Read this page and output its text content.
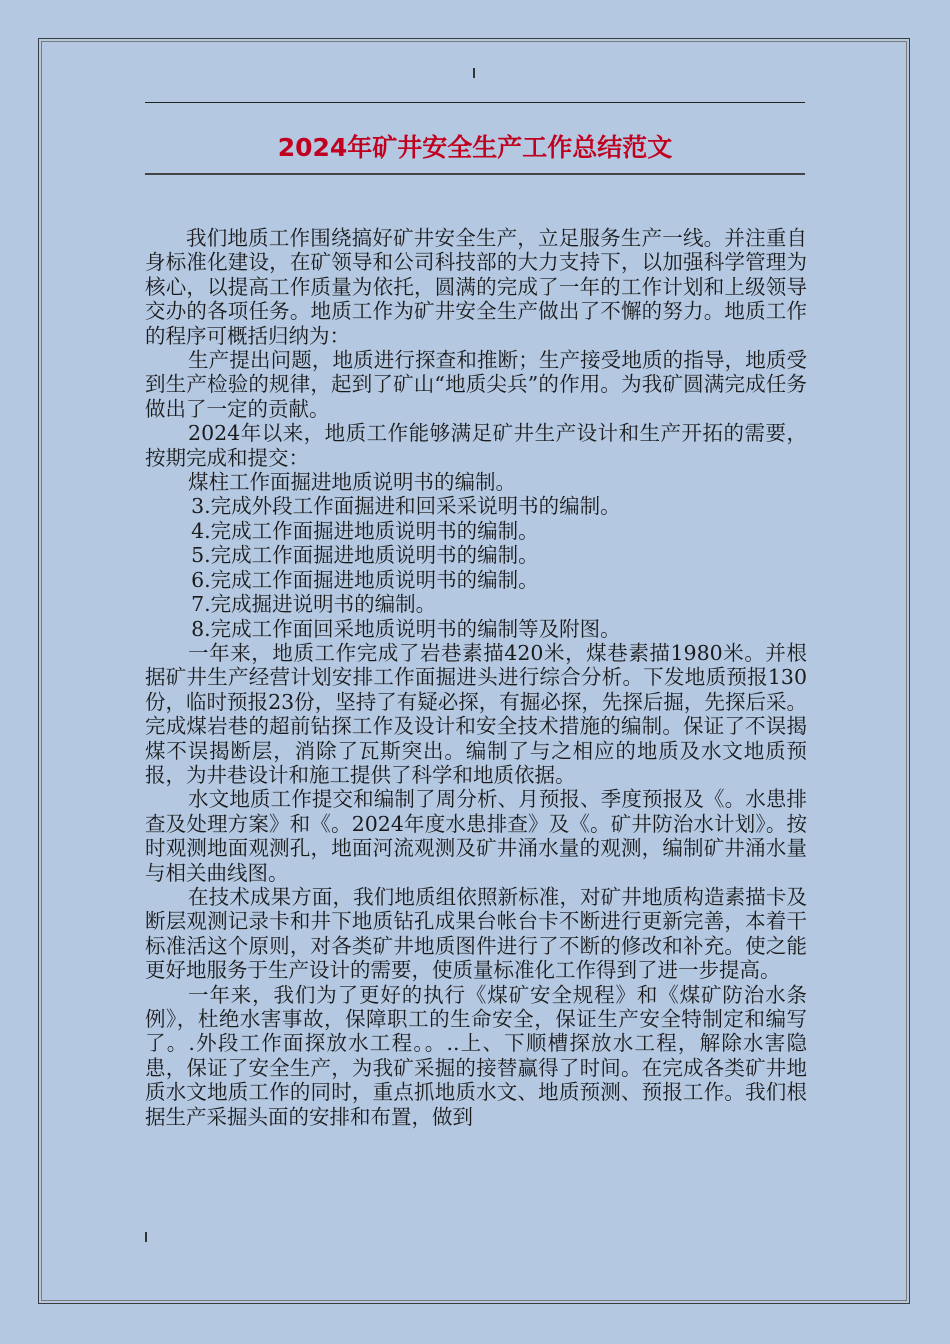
2024年矿井安全生产工作总结范文

我们地质工作围绕搞好矿井安全生产，立足服务生产一线。并注重自身标准化建设，在矿领导和公司科技部的大力支持下，以加强科学管理为核心，以提高工作质量为依托，圆满的完成了一年的工作计划和上级领导交办的各项任务。地质工作为矿井安全生产做出了不懈的努力。地质工作的程序可概括归纳为：

生产提出问题，地质进行探查和推断；生产接受地质的指导，地质受到生产检验的规律，起到了矿山“地质尖兵”的作用。为我矿圆满完成任务做出了一定的贡献。

2024年以来，地质工作能够满足矿井生产设计和生产开拓的需要，按期完成和提交：

煤柱工作面掘进地质说明书的编制。

3.完成外段工作面掘进和回采采说明书的编制。

4.完成工作面掘进地质说明书的编制。

5.完成工作面掘进地质说明书的编制。

6.完成工作面掘进地质说明书的编制。

7.完成掘进说明书的编制。

8.完成工作面回采地质说明书的编制等及附图。

一年来，地质工作完成了岩巷素描420米，煤巷素描1980米。并根据矿井生产经营计划安排工作面掘进头进行综合分析。下发地质预报130份，临时预报23份，坚持了有疑必探，有掘必探，先探后掘，先探后采。完成煤岩巷的超前钻探工作及设计和安全技术措施的编制。保证了不误揭煤不误揭断层，消除了瓦斯突出。编制了与之相应的地质及水文地质预报，为井巷设计和施工提供了科学和地质依据。

水文地质工作提交和编制了周分析、月预报、季度预报及《。水患排查及处理方案》和《。2024年度水患排查》及《。矿井防治水计划》。按时观测地面观测孔，地面河流观测及矿井涌水量的观测，编制矿井涌水量与相关曲线图。

在技术成果方面，我们地质组依照新标准，对矿井地质构造素描卡及断层观测记录卡和井下地质钻孔成果台帐台卡不断进行更新完善，本着干标准活这个原则，对各类矿井地质图件进行了不断的修改和补充。使之能更好地服务于生产设计的需要，使质量标准化工作得到了进一步提高。

一年来，我们为了更好的执行《煤矿安全规程》和《煤矿防治水条例》，杜绝水害事故，保障职工的生命安全，保证生产安全特制定和编写了。.外段工作面探放水工程。。..上、下顺槽探放水工程，解除水害隐患，保证了安全生产，为我矿采掘的接替赢得了时间。在完成各类矿井地质水文地质工作的同时，重点抓地质水文、地质预测、预报工作。我们根据生产采掘头面的安排和布置，做到
